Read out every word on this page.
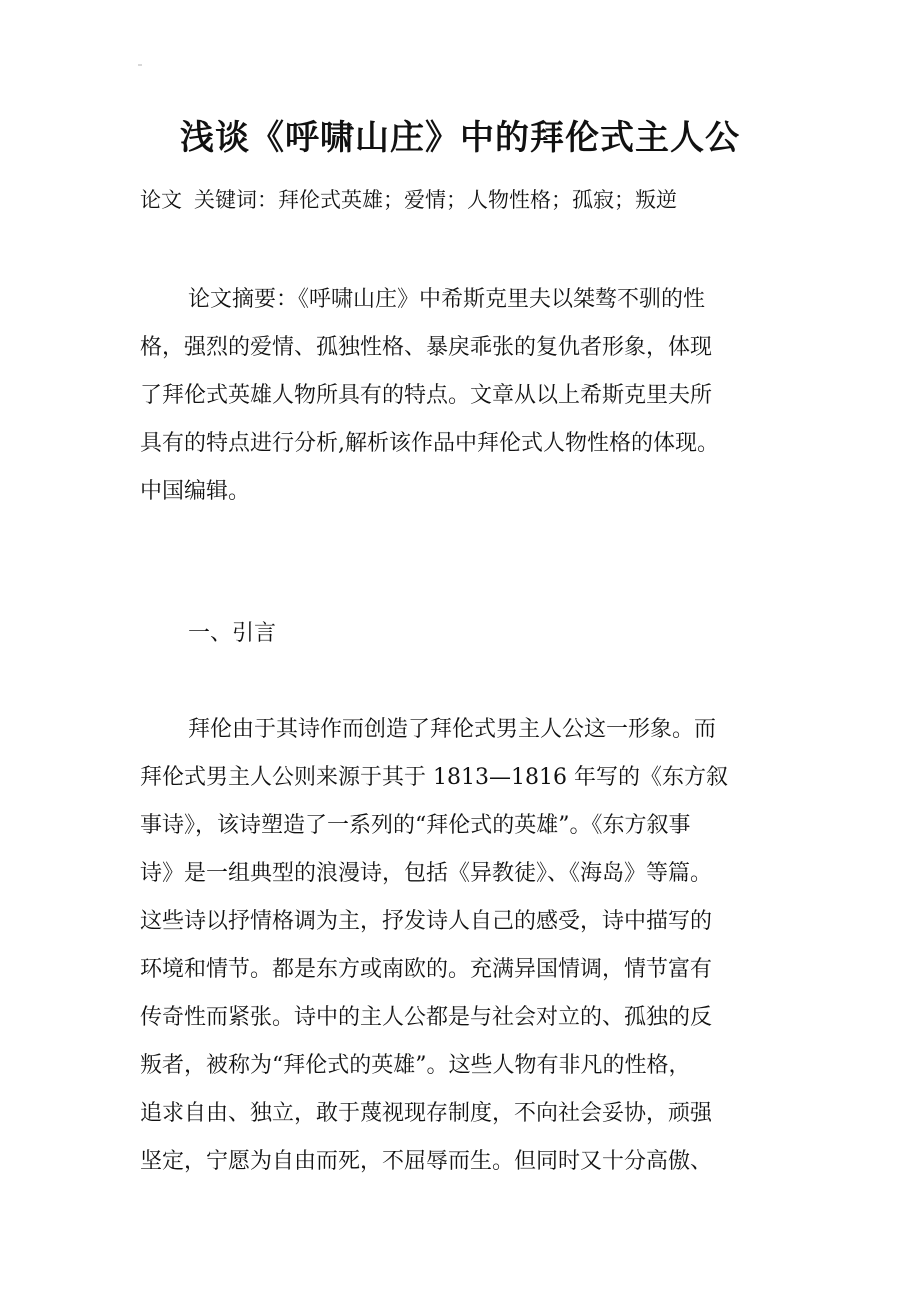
浅谈《呼啸山庄》中的拜伦式主人公
论文 关键词：拜伦式英雄；爱情；人物性格；孤寂；叛逆
论文摘要：《呼啸山庄》中希斯克里夫以桀骜不驯的性
格，强烈的爱情、孤独性格、暴戾乖张的复仇者形象，体现
了拜伦式英雄人物所具有的特点。文章从以上希斯克里夫所
具有的特点进行分析,解析该作品中拜伦式人物性格的体现。
中国编辑。
一、引言
拜伦由于其诗作而创造了拜伦式男主人公这一形象。而
拜伦式男主人公则来源于其于 1813—1816 年写的《东方叙
事诗》，该诗塑造了一系列的“拜伦式的英雄”。《东方叙事
诗》是一组典型的浪漫诗，包括《异教徒》、《海岛》等篇。
这些诗以抒情格调为主，抒发诗人自己的感受，诗中描写的
环境和情节。都是东方或南欧的。充满异国情调，情节富有
传奇性而紧张。诗中的主人公都是与社会对立的、孤独的反
叛者，被称为“拜伦式的英雄”。这些人物有非凡的性格，
追求自由、独立，敢于蔑视现存制度，不向社会妥协，顽强
坚定，宁愿为自由而死，不屈辱而生。但同时又十分高傲、
